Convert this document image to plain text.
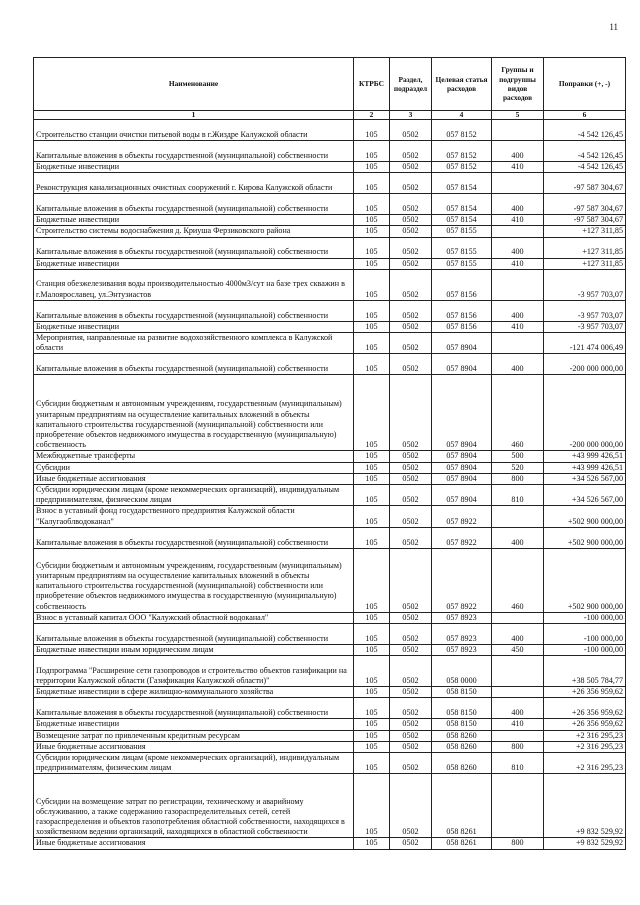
11
Наименование	КТРБС	Раздел, подраздел	Целевая статья расходов	Группы и подгруппы видов расходов	Поправки (+, -)
1	2	3	4	5	6
Строительство станции очистки питьевой воды в г.Жиздре Калужской области	105	0502	057 8152		-4 542 126,45
Капитальные вложения в объекты государственной (муниципальной) собственности	105	0502	057 8152	400	-4 542 126,45
Бюджетные инвестиции	105	0502	057 8152	410	-4 542 126,45
Реконструкция канализационных очистных сооружений г. Кирова Калужской области	105	0502	057 8154		-97 587 304,67
Капитальные вложения в объекты государственной (муниципальной) собственности	105	0502	057 8154	400	-97 587 304,67
Бюджетные инвестиции	105	0502	057 8154	410	-97 587 304,67
Строительство системы водоснабжения д. Криуша Ферзиковского района	105	0502	057 8155		+127 311,85
Капитальные вложения в объекты государственной (муниципальной) собственности	105	0502	057 8155	400	+127 311,85
Бюджетные инвестиции	105	0502	057 8155	410	+127 311,85
Станция обезжелезивания воды производительностью 4000м3/сут на базе трех скважин в г.Малоярославец, ул.Энтузиастов	105	0502	057 8156		-3 957 703,07
Капитальные вложения в объекты государственной (муниципальной) собственности	105	0502	057 8156	400	-3 957 703,07
Бюджетные инвестиции	105	0502	057 8156	410	-3 957 703,07
Мероприятия, направленные на развитие водохозяйственного комплекса в Калужской области	105	0502	057 8904		-121 474 006,49
Капитальные вложения в объекты государственной (муниципальной) собственности	105	0502	057 8904	400	-200 000 000,00
Субсидии бюджетным и автономным учреждениям, государственным (муниципальным) унитарным предприятиям на осуществление капитальных вложений в объекты капитального строительства государственной (муниципальной) собственности или приобретение объектов недвижимого имущества в государственную (муниципальную) собственность	105	0502	057 8904	460	-200 000 000,00
Межбюджетные трансферты	105	0502	057 8904	500	+43 999 426,51
Субсидии	105	0502	057 8904	520	+43 999 426,51
Иные бюджетные ассигнования	105	0502	057 8904	800	+34 526 567,00
Субсидии юридическим лицам (кроме некоммерческих организаций), индивидуальным предпринимателям, физическим лицам	105	0502	057 8904	810	+34 526 567,00
Взнос в уставный фонд государственного предприятия Калужской области "Калугаоблводоканал"	105	0502	057 8922		+502 900 000,00
Капитальные вложения в объекты государственной (муниципальной) собственности	105	0502	057 8922	400	+502 900 000,00
Субсидии бюджетным и автономным учреждениям, государственным (муниципальным) унитарным предприятиям на осуществление капитальных вложений в объекты капитального строительства государственной (муниципальной) собственности или приобретение объектов недвижимого имущества в государственную (муниципальную) собственность	105	0502	057 8922	460	+502 900 000,00
Взнос в уставный капитал ООО "Калужский областной водоканал"	105	0502	057 8923		-100 000,00
Капитальные вложения в объекты государственной (муниципальной) собственности	105	0502	057 8923	400	-100 000,00
Бюджетные инвестиции иным юридическим лицам	105	0502	057 8923	450	-100 000,00
Подпрограмма "Расширение сети газопроводов и строительство объектов газификации на территории Калужской области (Газификация Калужской области)"	105	0502	058 0000		+38 505 784,77
Бюджетные инвестиции в сфере жилищно-коммунального хозяйства	105	0502	058 8150		+26 356 959,62
Капитальные вложения в объекты государственной (муниципальной) собственности	105	0502	058 8150	400	+26 356 959,62
Бюджетные инвестиции	105	0502	058 8150	410	+26 356 959,62
Возмещение затрат по привлеченным кредитным ресурсам	105	0502	058 8260		+2 316 295,23
Иные бюджетные ассигнования	105	0502	058 8260	800	+2 316 295,23
Субсидии юридическим лицам (кроме некоммерческих организаций), индивидуальным предпринимателям, физическим лицам	105	0502	058 8260	810	+2 316 295,23
Субсидии на возмещение затрат по регистрации, техническому и аварийному обслуживанию, а также содержанию газораспределительных сетей, сетей газораспределения и объектов газопотребления областной собственности, находящихся в хозяйственном ведении организаций, находящихся в областной собственности	105	0502	058 8261		+9 832 529,92
Иные бюджетные ассигнования	105	0502	058 8261	800	+9 832 529,92
